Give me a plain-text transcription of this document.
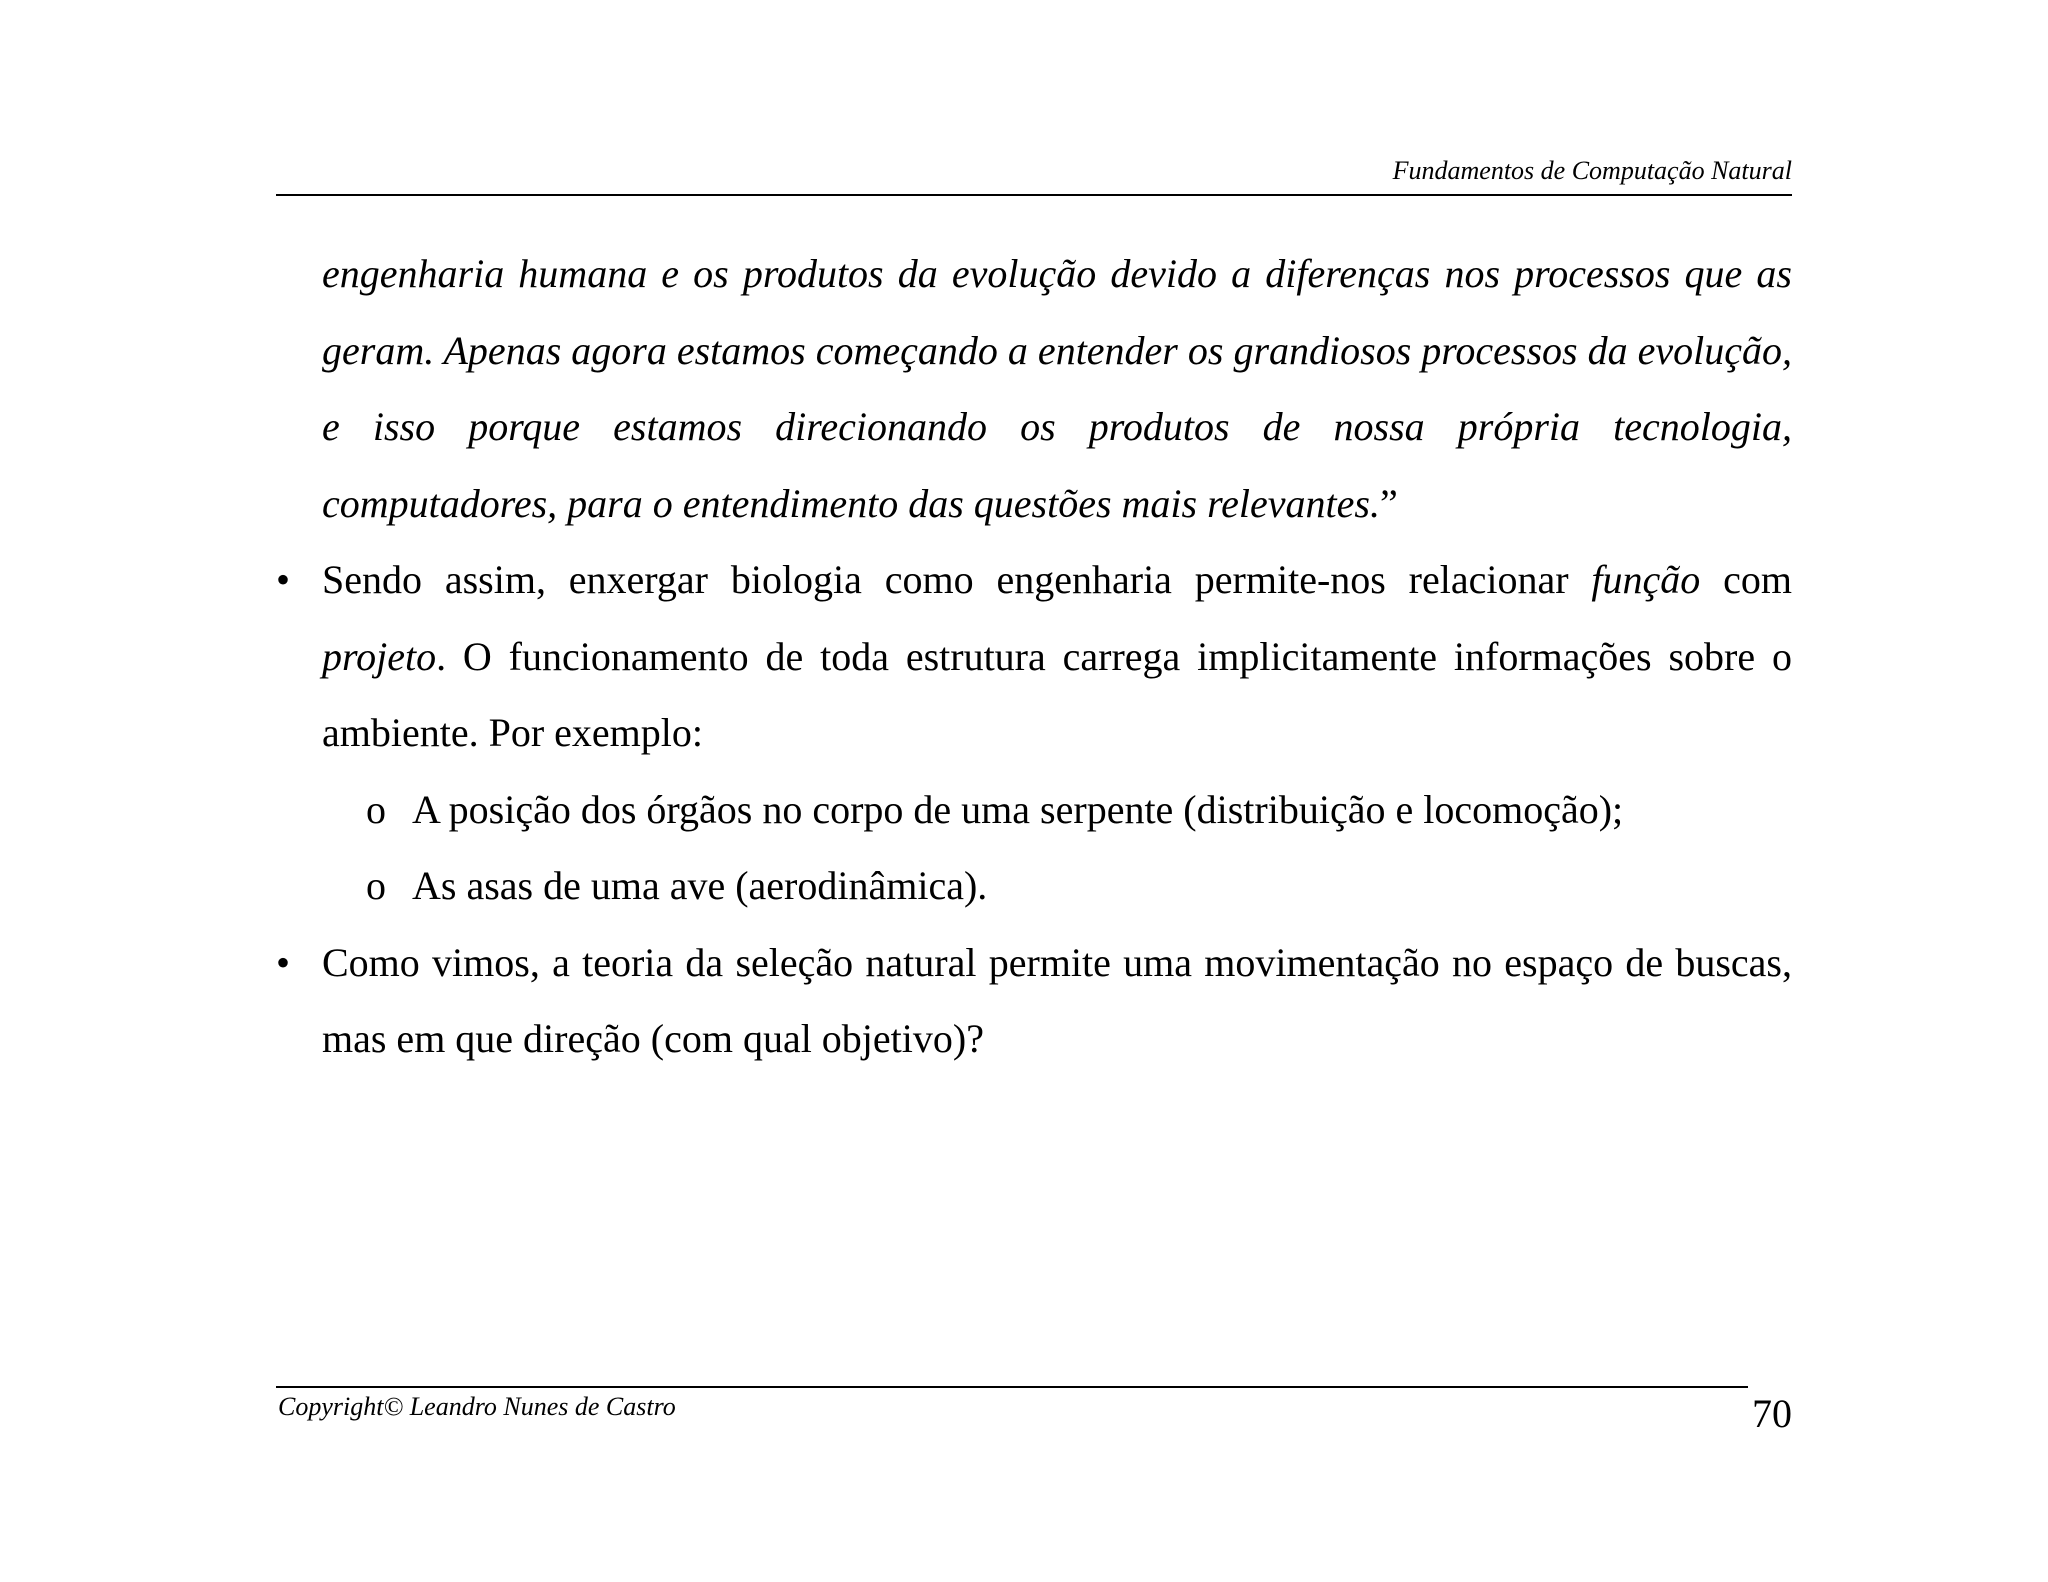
Fundamentos de Computação Natural

engenharia humana e os produtos da evolução devido a diferenças nos processos que as geram. Apenas agora estamos começando a entender os grandiosos processos da evolução, e isso porque estamos direcionando os produtos de nossa própria tecnologia, computadores, para o entendimento das questões mais relevantes.”

• Sendo assim, enxergar biologia como engenharia permite-nos relacionar função com projeto. O funcionamento de toda estrutura carrega implicitamente informações sobre o ambiente. Por exemplo:
o A posição dos órgãos no corpo de uma serpente (distribuição e locomoção);
o As asas de uma ave (aerodinâmica).
• Como vimos, a teoria da seleção natural permite uma movimentação no espaço de buscas, mas em que direção (com qual objetivo)?
Copyright© Leandro Nunes de Castro	70
